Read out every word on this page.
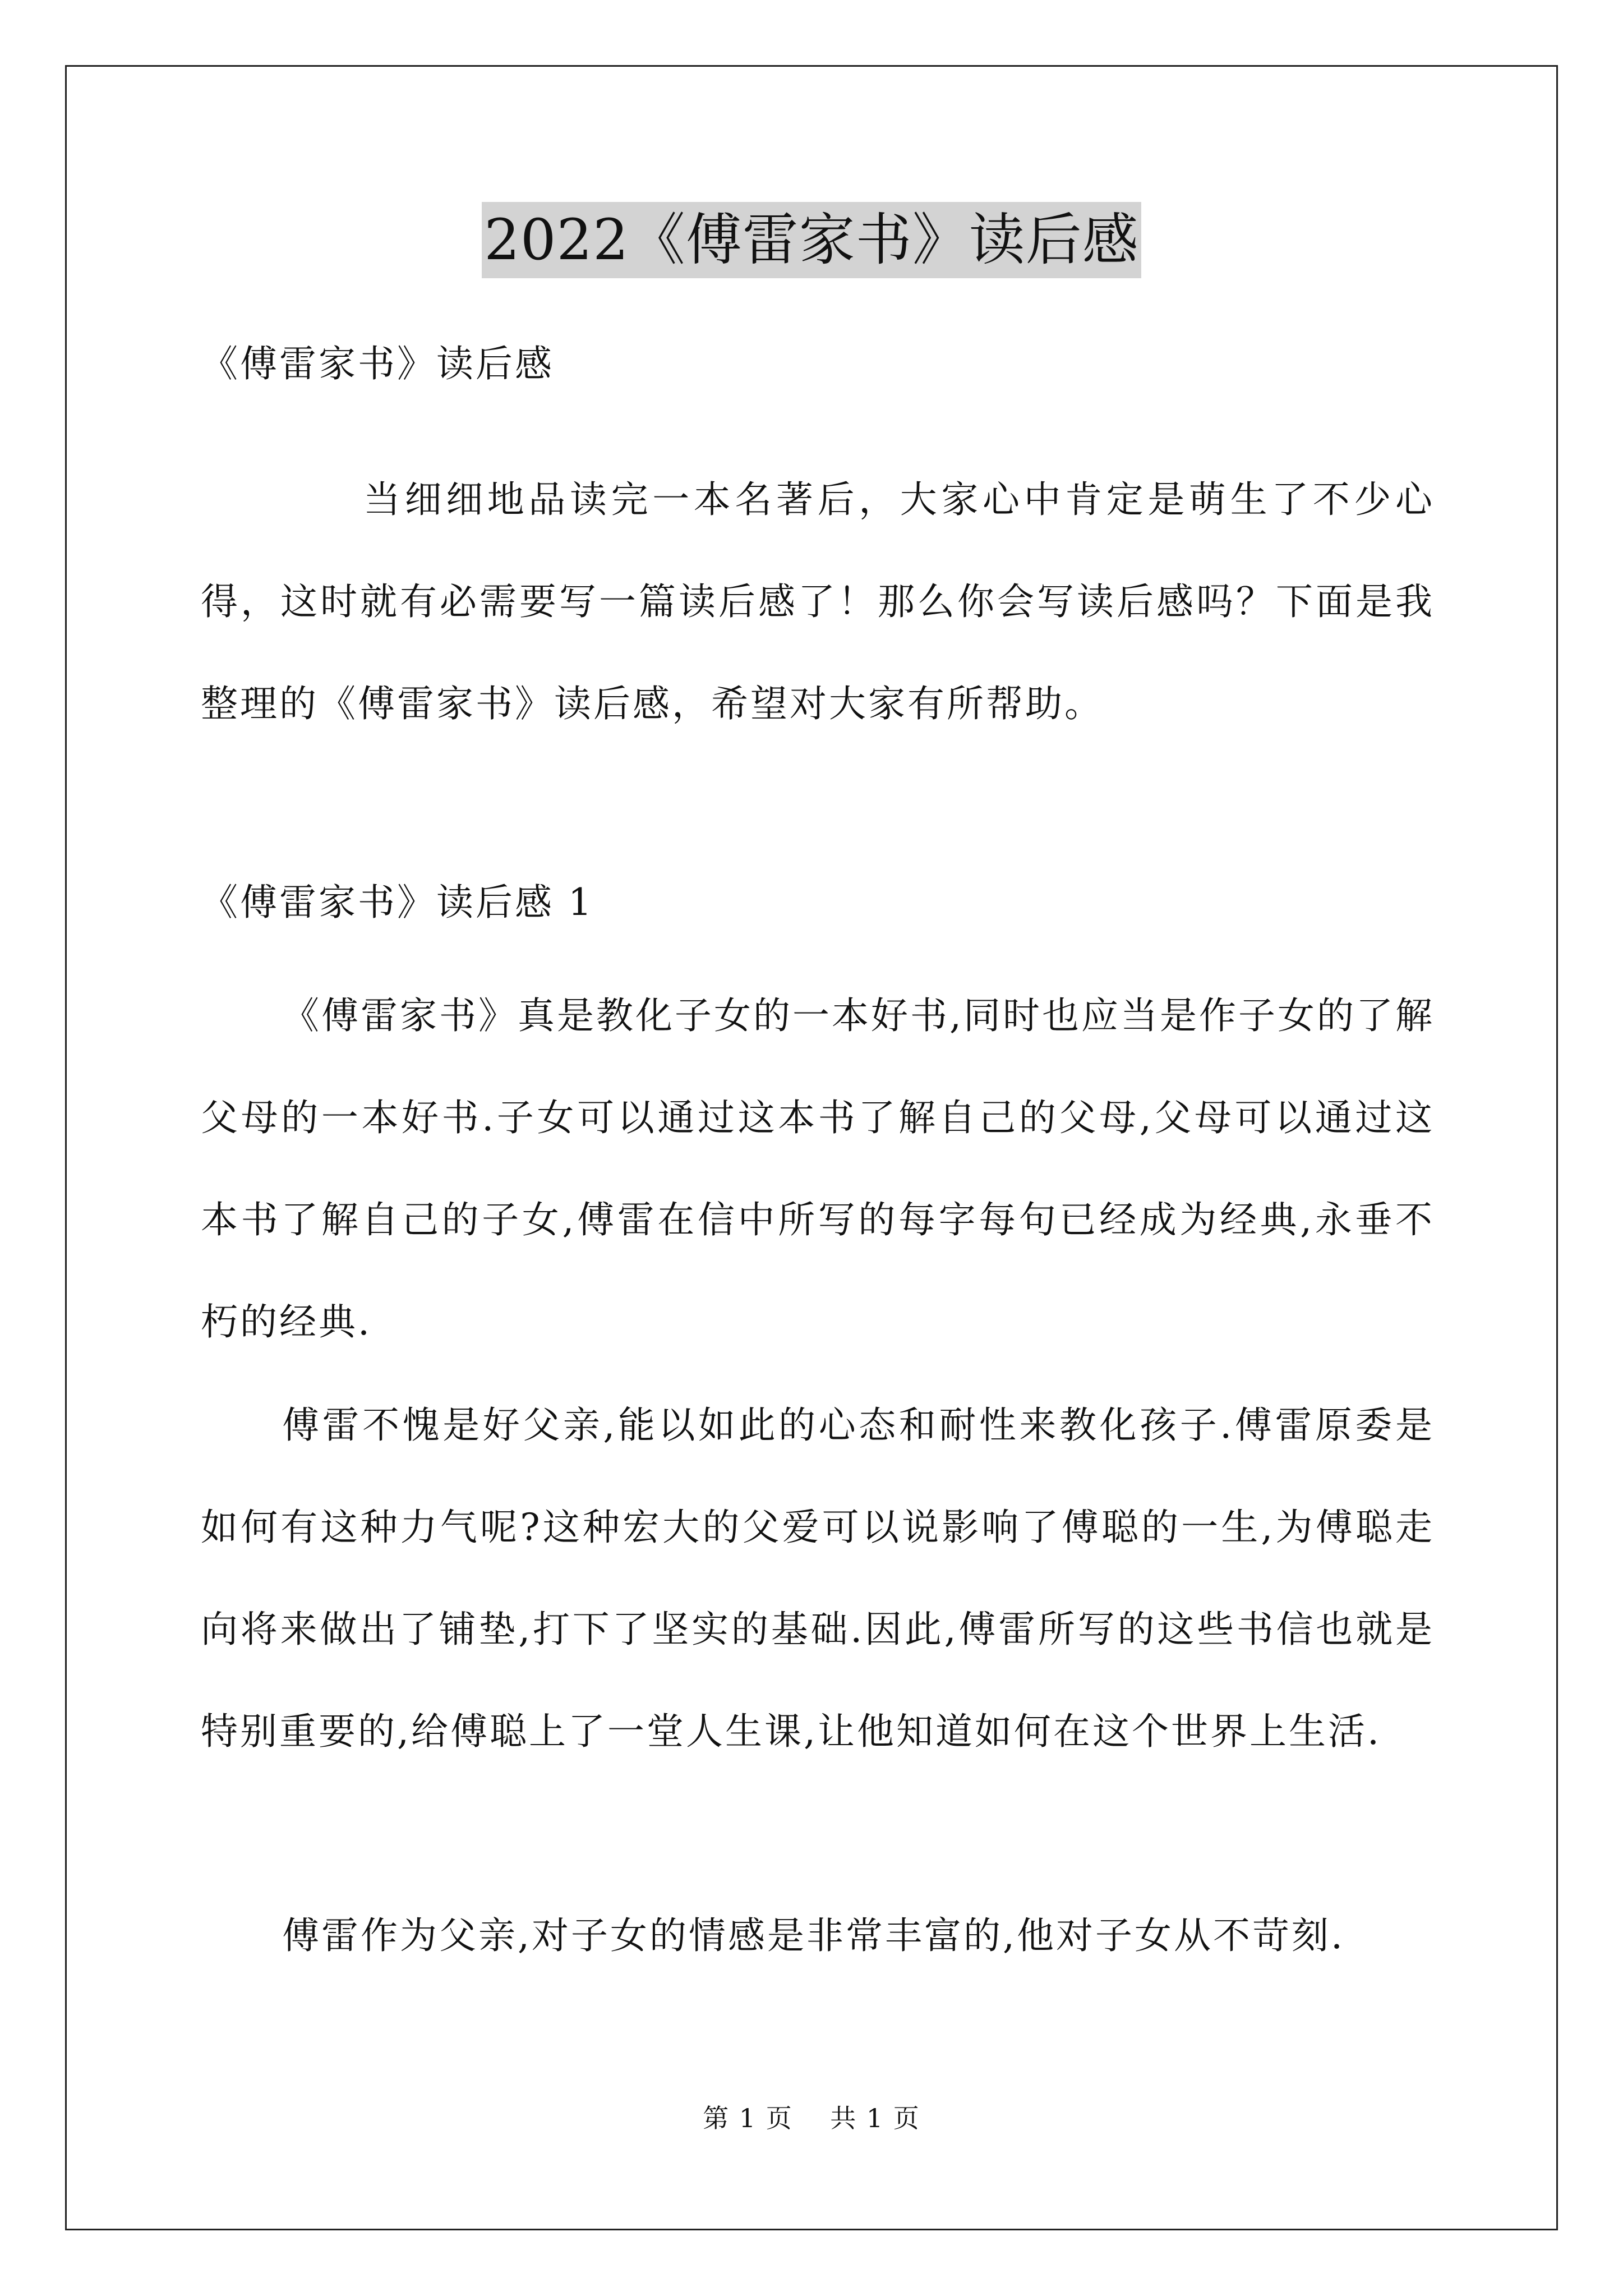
2022《傅雷家书》读后感
《傅雷家书》读后感

当细细地品读完一本名著后，大家心中肯定是萌生了不少心得，这时就有必需要写一篇读后感了！那么你会写读后感吗？下面是我整理的《傅雷家书》读后感，希望对大家有所帮助。

《傅雷家书》读后感 1

《傅雷家书》真是教化子女的一本好书,同时也应当是作子女的了解父母的一本好书.子女可以通过这本书了解自己的父母,父母可以通过这本书了解自己的子女,傅雷在信中所写的每字每句已经成为经典,永垂不朽的经典.

傅雷不愧是好父亲,能以如此的心态和耐性来教化孩子.傅雷原委是如何有这种力气呢?这种宏大的父爱可以说影响了傅聪的一生,为傅聪走向将来做出了铺垫,打下了坚实的基础.因此,傅雷所写的这些书信也就是特别重要的,给傅聪上了一堂人生课,让他知道如何在这个世界上生活.

傅雷作为父亲,对子女的情感是非常丰富的,他对子女从不苛刻.

第 1 页    共 1 页
